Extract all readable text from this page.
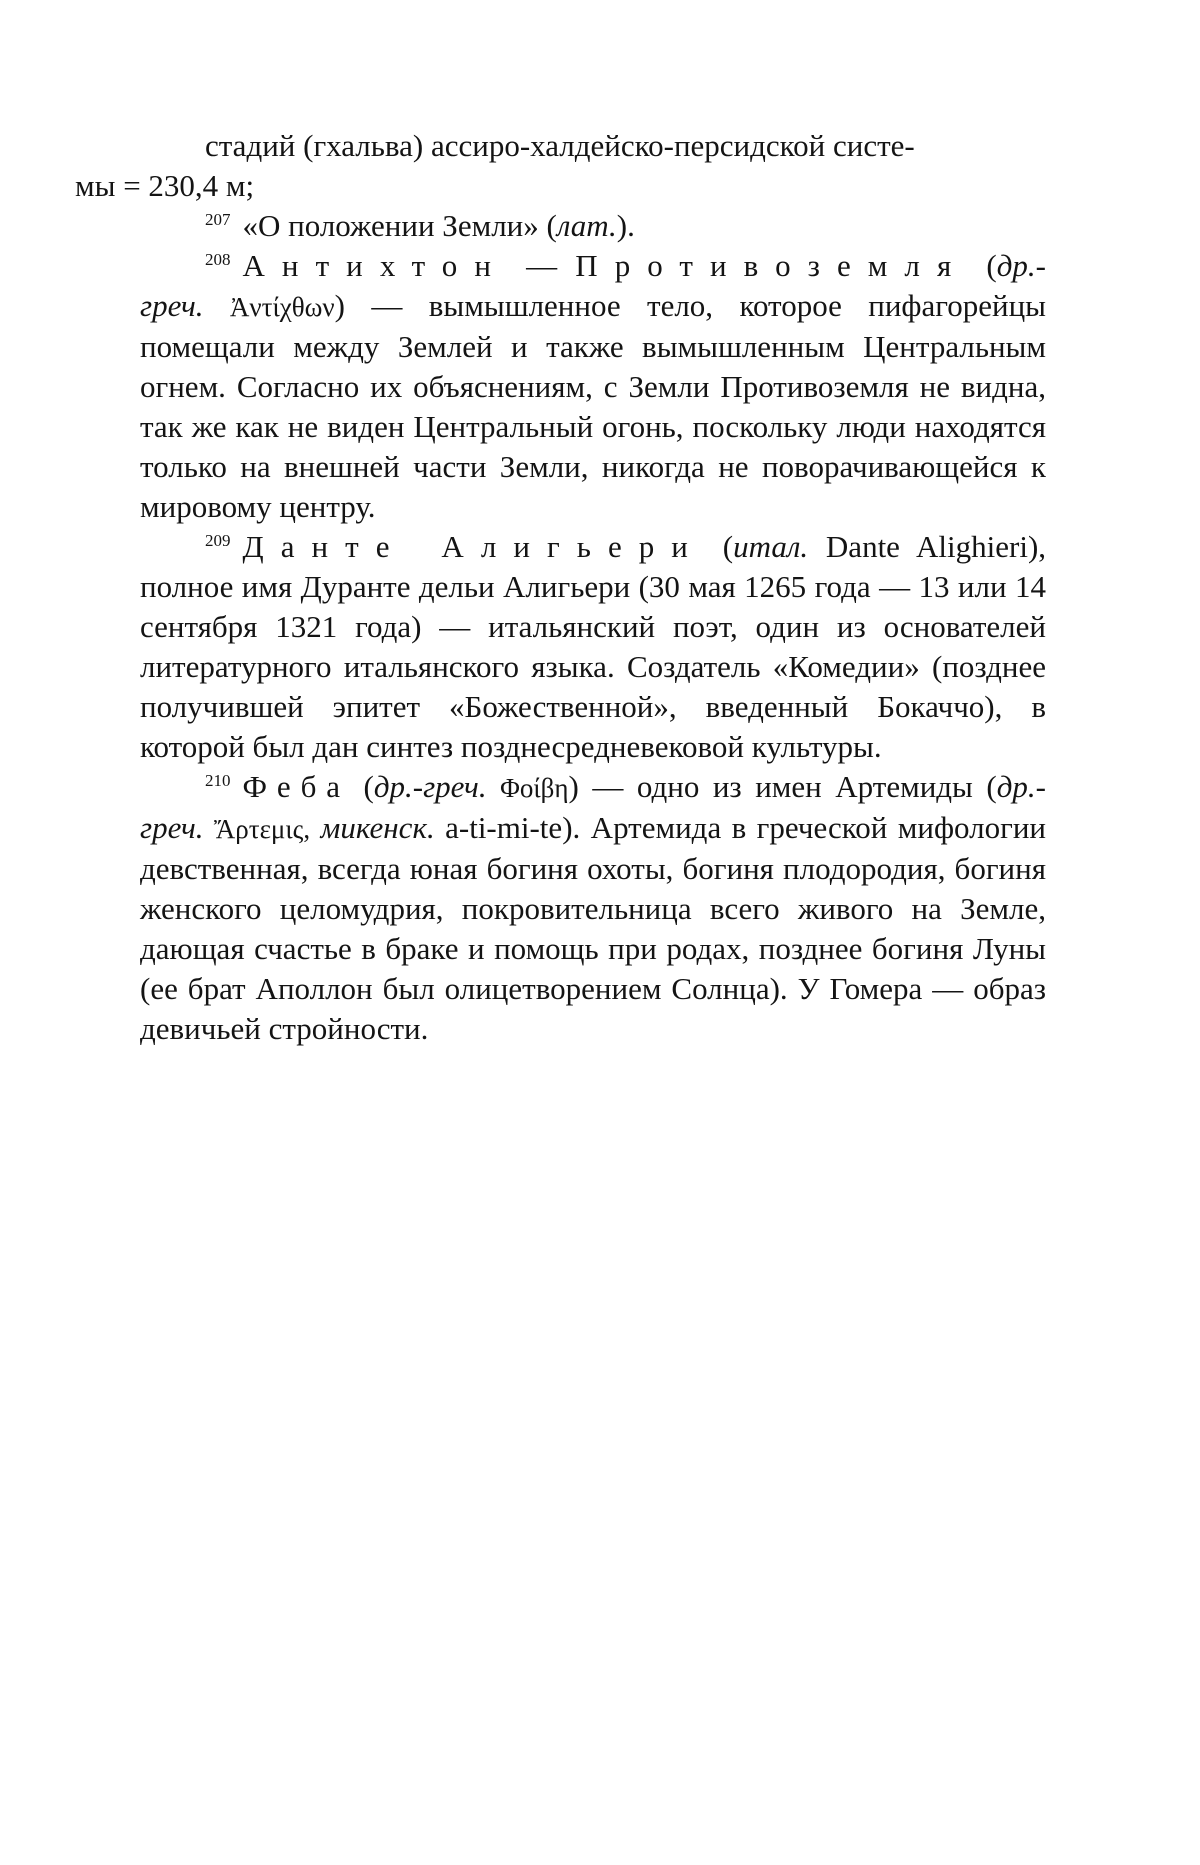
стадий (гхальва) ассиро-халдейско-персидской систе-
мы = 230,4 м;

$^{207}$ «О положении Земли» (лат.).

$^{208}$ Антихтон — Противоземля (др.-греч. Ἀντίχθων) — вымышленное тело, которое пифагорейцы помещали между Землей и также вымышленным Центральным огнем. Согласно их объяснениям, с Земли Противоземля не видна, так же как не виден Центральный огонь, поскольку люди находятся только на внешней части Земли, никогда не поворачивающейся к мировому центру.

$^{209}$ Данте Алигьери (итал. Dante Alighieri), полное имя Дуранте дельи Алигьери (30 мая 1265 года — 13 или 14 сентября 1321 года) — итальянский поэт, один из основателей литературного итальянского языка. Создатель «Комедии» (позднее получившей эпитет «Божественной», введенный Бокаччо), в которой был дан синтез позднесредневековой культуры.

$^{210}$ Феба (др.-греч. Φοίβη) — одно из имен Артемиды (др.-греч. Ἄρτεμις, микенск. a-ti-mi-te). Артемида в греческой мифологии девственная, всегда юная богиня охоты, богиня плодородия, богиня женского целомудрия, покровительница всего живого на Земле, дающая счастье в браке и помощь при родах, позднее богиня Луны (ее брат Аполлон был олицетворением Солнца). У Гомера — образ девичьей стройности.
